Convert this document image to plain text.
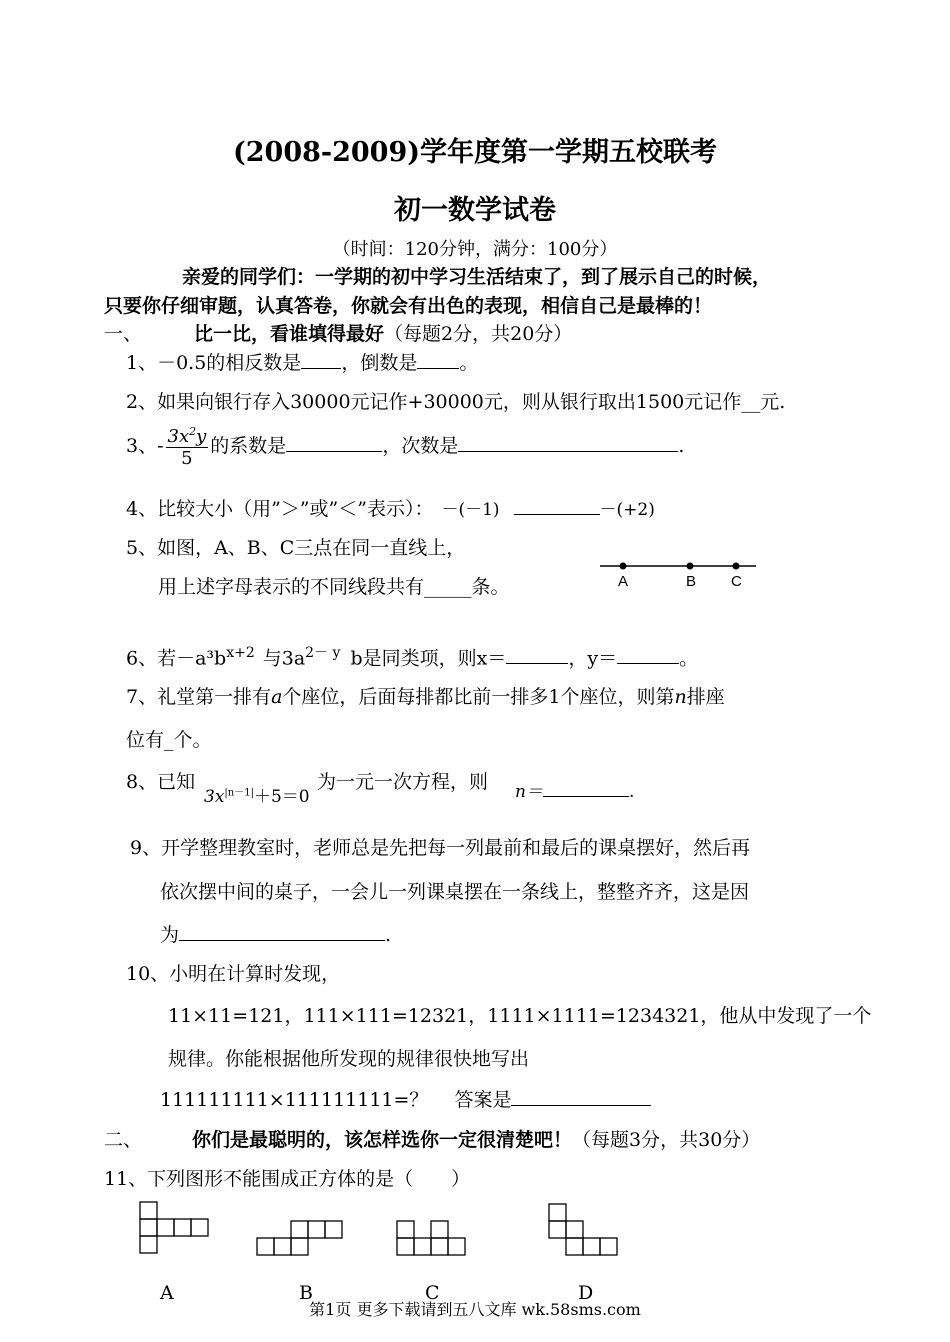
(2008-2009)学年度第一学期五校联考
初一数学试卷
（时间：120分钟，满分：100分）
亲爱的同学们：一学期的初中学习生活结束了，到了展示自己的时候，
只要你仔细审题，认真答卷，你就会有出色的表现，相信自己是最棒的！
一、	比一比，看谁填得最好（每题2分，共20分）
1、－0.5的相反数是 ，倒数是 。
2、如果向银行存入30000元记作+30000元，则从银行取出1500元记作__元.
3、- $\frac{3x^2y}{5}$ 的系数是	，次数是	.
4、比较大小（用”＞”或”＜”表示）： －(－1)	－(+2)
5、如图，A、B、C三点在同一直线上，
用上述字母表示的不同线段共有_____条。	A	B C
6、若$-a^3b^{x+2}$ 与$3a^{2- y}$ b是同类项，则x＝	，y＝	。
7、礼堂第一排有a个座位，后面每排都比前一排多1个座位，则第n排座
位有_个。
8、已知
$3x^{|n-1|}+5=0$
为一元一次方程，则 n＝	.
9、开学整理教室时，老师总是先把每一列最前和最后的课桌摆好，然后再
依次摆中间的桌子，一会儿一列课桌摆在一条线上，整整齐齐，这是因
为	.
10、小明在计算时发现，
11×11=121，111×111=12321，1111×1111=1234321，他从中发现了一个
规律。你能根据他所发现的规律很快地写出
111111111×111111111=？ 答案是
二、	你们是最聪明的，该怎样选你一定很清楚吧！（每题3分，共30分）
11、下列图形不能围成正方体的是（　　）
A	B	C	D
第1页 更多下载请到五八文库 wk.58sms.com
